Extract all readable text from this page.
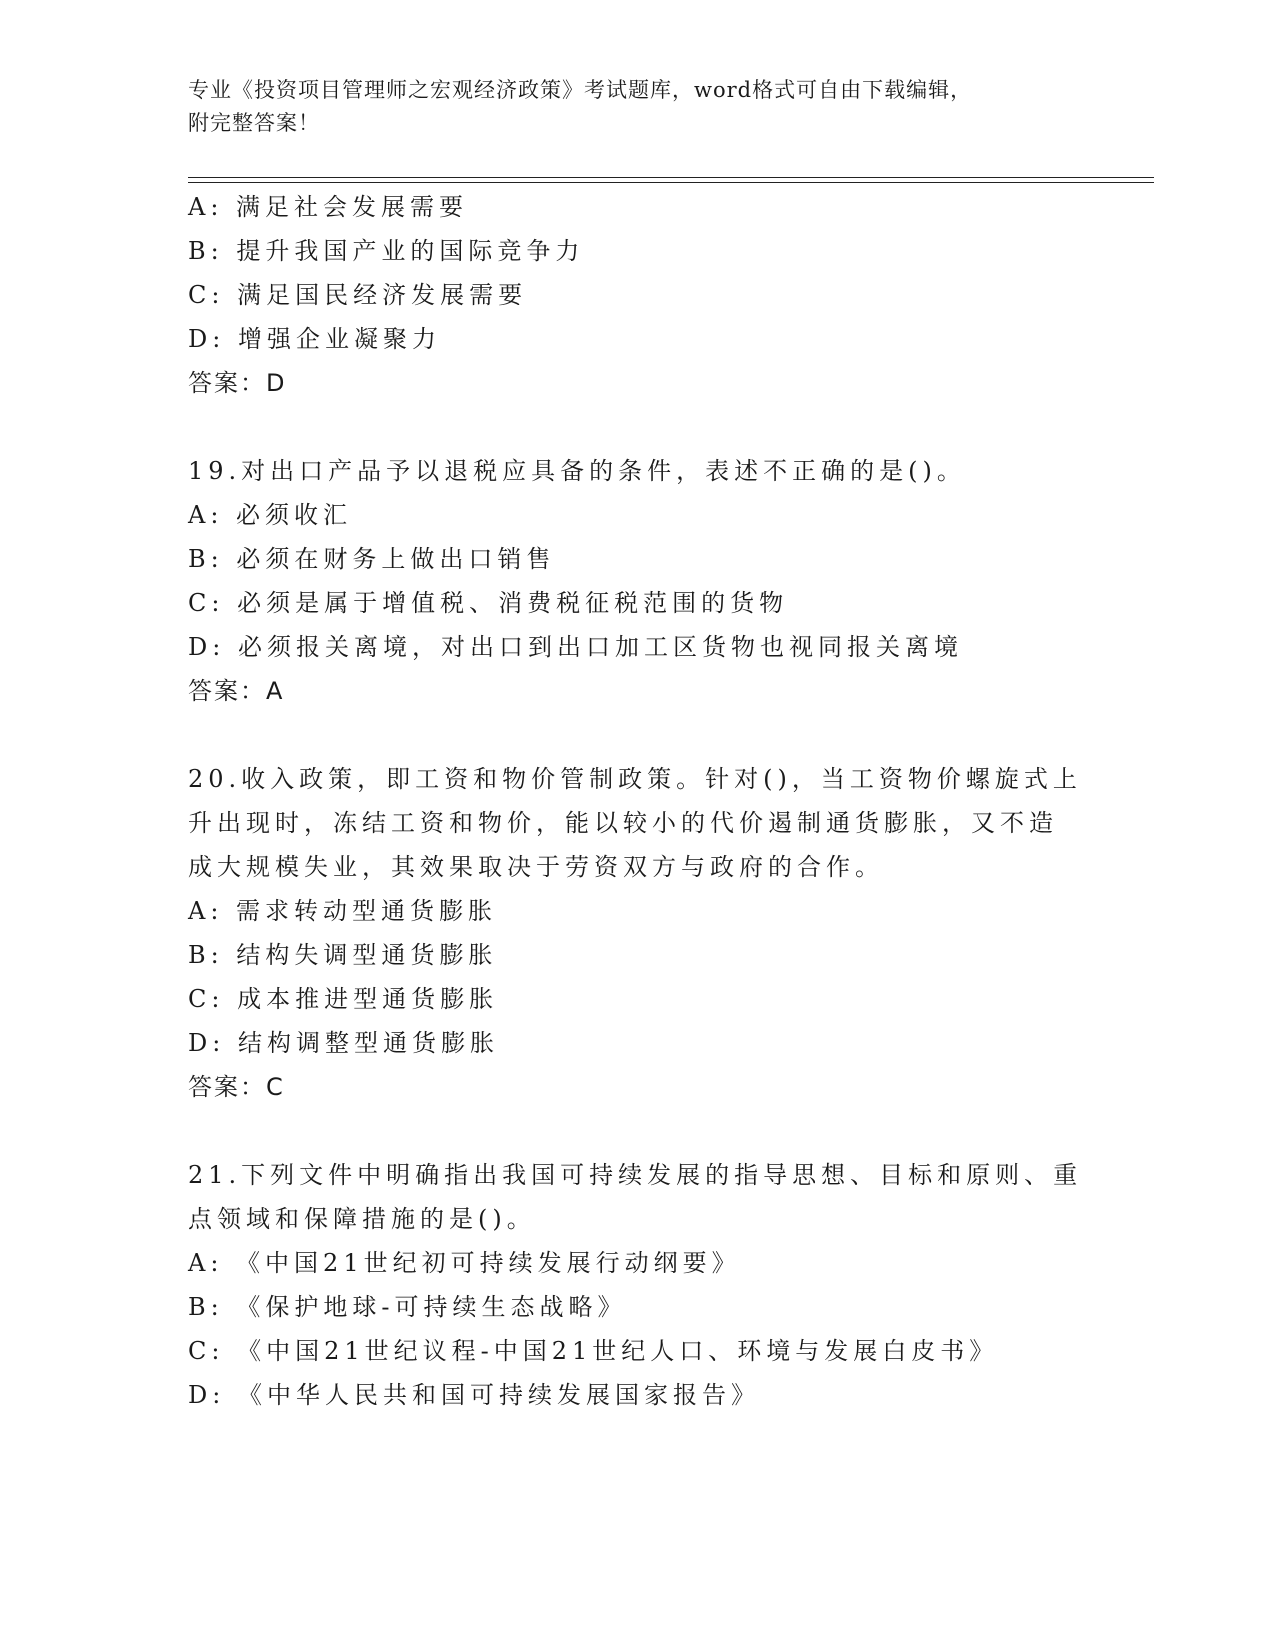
专业《投资项目管理师之宏观经济政策》考试题库，word格式可自由下载编辑，
附完整答案！
A: 满足社会发展需要
B: 提升我国产业的国际竞争力
C: 满足国民经济发展需要
D: 增强企业凝聚力
答案：D
19.对出口产品予以退税应具备的条件，表述不正确的是()。
A: 必须收汇
B: 必须在财务上做出口销售
C: 必须是属于增值税、消费税征税范围的货物
D: 必须报关离境，对出口到出口加工区货物也视同报关离境
答案：A
20.收入政策，即工资和物价管制政策。针对()，当工资物价螺旋式上
升出现时，冻结工资和物价，能以较小的代价遏制通货膨胀，又不造
成大规模失业，其效果取决于劳资双方与政府的合作。
A: 需求转动型通货膨胀
B: 结构失调型通货膨胀
C: 成本推进型通货膨胀
D: 结构调整型通货膨胀
答案：C
21.下列文件中明确指出我国可持续发展的指导思想、目标和原则、重
点领域和保障措施的是()。
A: 《中国21世纪初可持续发展行动纲要》
B: 《保护地球-可持续生态战略》
C: 《中国21世纪议程-中国21世纪人口、环境与发展白皮书》
D: 《中华人民共和国可持续发展国家报告》
